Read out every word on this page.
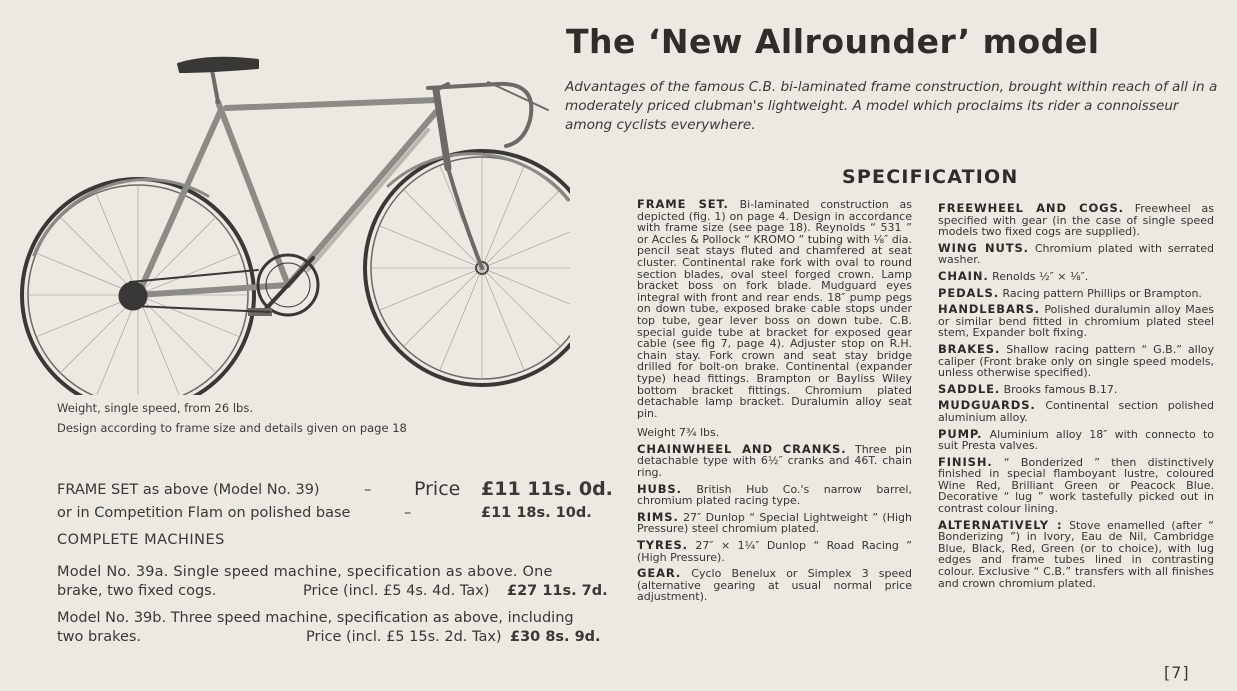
The ‘New Allrounder’ model
Advantages of the famous C.B. bi-laminated frame construction, brought within reach of all in a moderately priced clubman's lightweight. A model which proclaims its rider a connoisseur among cyclists everywhere.
Weight, single speed, from 26 lbs.
Design according to frame size and details given on page 18
FRAME SET as above (Model No. 39)	– Price £11 11s. 0d.
or in Competition Flam on polished base	–	£11 18s. 10d.
COMPLETE MACHINES
Model No. 39a. Single speed machine, specification as above. One
brake, two fixed cogs.	Price (incl. £5 4s. 4d. Tax) £27 11s. 7d.
Model No. 39b. Three speed machine, specification as above, including
two brakes.	Price (incl. £5 15s. 2d. Tax) £30 8s. 9d.
SPECIFICATION

FRAME SET. Bi-laminated construction as depicted (fig. 1) on page 4. Design in accordance with frame size (see page 18). Reynolds “ 531 ” or Accles & Pollock “ KROMO ” tubing with ⅛″ dia. pencil seat stays fluted and chamfered at seat cluster. Continental rake fork with oval to round section blades, oval steel forged crown. Lamp bracket boss on fork blade. Mudguard eyes integral with front and rear ends. 18″ pump pegs on down tube, exposed brake cable stops under top tube, gear lever boss on down tube. C.B. special guide tube at bracket for exposed gear cable (see fig 7, page 4). Adjuster stop on R.H. chain stay. Fork crown and seat stay bridge drilled for bolt-on brake. Continental (expander type) head fittings. Brampton or Bayliss Wiley bottom bracket fittings. Chromium plated detachable lamp bracket. Duralumin alloy seat pin.

Weight 7¾ lbs.

CHAINWHEEL AND CRANKS. Three pin detachable type with 6½″ cranks and 46T. chain ring.

HUBS. British Hub Co.'s narrow barrel, chromium plated racing type.

RIMS. 27″ Dunlop “ Special Lightweight ” (High Pressure) steel chromium plated.

TYRES. 27″ × 1¼″ Dunlop “ Road Racing ” (High Pressure).

GEAR. Cyclo Benelux or Simplex 3 speed (alternative gearing at usual normal price adjustment).

FREEWHEEL AND COGS. Freewheel as specified with gear (in the case of single speed models two fixed cogs are supplied).

WING NUTS. Chromium plated with serrated washer.

CHAIN. Renolds ½″ × ⅛″.

PEDALS. Racing pattern Phillips or Brampton.

HANDLEBARS. Polished duralumin alloy Maes or similar bend fitted in chromium plated steel stem, Expander bolt fixing.

BRAKES. Shallow racing pattern “ G.B.” alloy caliper (Front brake only on single speed models, unless otherwise specified).

SADDLE. Brooks famous B.17.

MUDGUARDS. Continental section polished aluminium alloy.

PUMP. Aluminium alloy 18″ with connecto to suit Presta valves.

FINISH. “ Bonderized ” then distinctively finished in special flamboyant lustre, coloured Wine Red, Brilliant Green or Peacock Blue. Decorative “ lug ” work tastefully picked out in contrast colour lining.

ALTERNATIVELY : Stove enamelled (after “ Bonderizing ”) in Ivory, Eau de Nil, Cambridge Blue, Black, Red, Green (or to choice), with lug edges and frame tubes lined in contrasting colour. Exclusive “ C.B.” transfers with all finishes and crown chromium plated.

[7]
